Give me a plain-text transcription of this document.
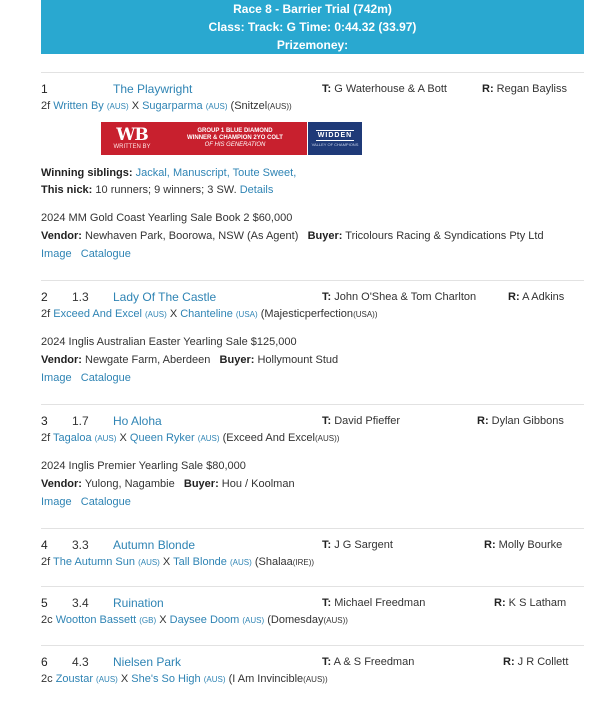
Race 8 - Barrier Trial (742m)
Class: Track: G Time: 0:44.32 (33.97)
Prizemoney:
1	The Playwright	T: G Waterhouse & A Bott	R: Regan Bayliss
2f Written By (AUS) X Sugarparma (AUS) (Snitzel(AUS))
WB
WRITTEN BY
GROUP 1 BLUE DIAMOND
WINNER & CHAMPION 2YO COLT
OF HIS GENERATION
WIDDEN
VALLEY OF CHAMPIONS
Winning siblings: Jackal, Manuscript, Toute Sweet,
This nick: 10 runners; 9 winners; 3 SW. Details
2024 MM Gold Coast Yearling Sale Book 2 $60,000
Vendor: Newhaven Park, Boorowa, NSW (As Agent) Buyer: Tricolours Racing & Syndications Pty Ltd
Image Catalogue
2 1.3 Lady Of The Castle	T: John O'Shea & Tom Charlton	R: A Adkins
2f Exceed And Excel (AUS) X Chanteline (USA) (Majesticperfection(USA))
2024 Inglis Australian Easter Yearling Sale $125,000
Vendor: Newgate Farm, Aberdeen Buyer: Hollymount Stud
Image Catalogue
3 1.7 Ho Aloha	T: David Pfieffer	R: Dylan Gibbons
2f Tagaloa (AUS) X Queen Ryker (AUS) (Exceed And Excel(AUS))
2024 Inglis Premier Yearling Sale $80,000
Vendor: Yulong, Nagambie Buyer: Hou / Koolman
Image Catalogue
4 3.3 Autumn Blonde	T: J G Sargent	R: Molly Bourke
2f The Autumn Sun (AUS) X Tall Blonde (AUS) (Shalaa(IRE))
5 3.4 Ruination	T: Michael Freedman	R: K S Latham
2c Wootton Bassett (GB) X Daysee Doom (AUS) (Domesday(AUS))
6 4.3 Nielsen Park	T: A & S Freedman	R: J R Collett
2c Zoustar (AUS) X She's So High (AUS) (I Am Invincible(AUS))
